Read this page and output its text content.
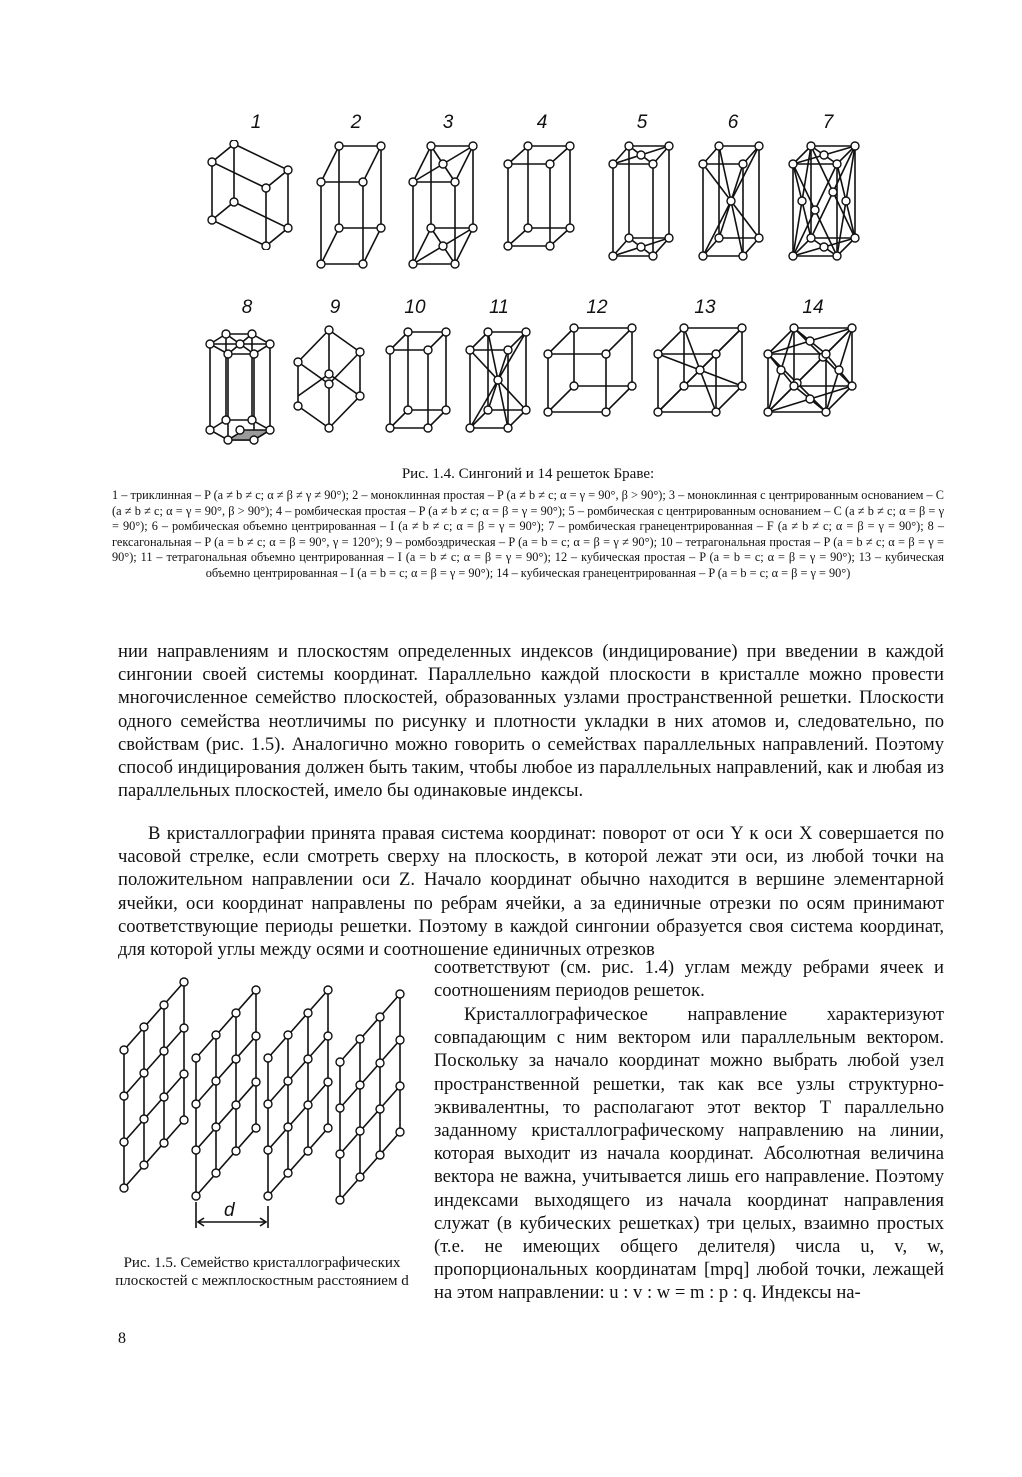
1	2	3	4	5	6	7
8	9	10	11	12	13	14
Рис. 1.4. Сингоний и 14 решеток Браве:
1 – триклинная – P (a ≠ b ≠ c; α ≠ β ≠ γ ≠ 90°); 2 – моноклинная простая – P (a ≠ b ≠ c; α = γ = 90°, β > 90°); 3 – моноклинная с центрированным основанием – C (a ≠ b ≠ c; α = γ = 90°, β > 90°); 4 – ромбическая простая – P (a ≠ b ≠ c; α = β = γ = 90°); 5 – ромбическая с центрированным основанием – C (a ≠ b ≠ c; α = β = γ = 90°); 6 – ромбическая объемно центрированная – I (a ≠ b ≠ c; α = β = γ = 90°); 7 – ромбическая гранецентрированная – F (a ≠ b ≠ c; α = β = γ = 90°); 8 – гексагональная – P (a = b ≠ c; α = β = 90°, γ = 120°); 9 – ромбоэдрическая – P (a = b = c; α = β = γ ≠ 90°); 10 – тетрагональная простая – P (a = b ≠ c; α = β = γ = 90°); 11 – тетрагональная объемно центрированная – I (a = b ≠ c; α = β = γ = 90°); 12 – кубическая простая – P (a = b = c; α = β = γ = 90°); 13 – кубическая объемно центрированная – I (a = b = c; α = β = γ = 90°); 14 – кубическая гранецентрированная – P (a = b = c; α = β = γ = 90°)
нии направлениям и плоскостям определенных индексов (индицирование) при введении в каждой сингонии своей системы координат. Параллельно каждой плоскости в кристалле можно провести многочисленное семейство плоскостей, образованных узлами пространственной решетки. Плоскости одного семейства неотличимы по рисунку и плотности укладки в них атомов и, следовательно, по свойствам (рис. 1.5). Аналогично можно говорить о семействах параллельных направлений. Поэтому способ индицирования должен быть таким, чтобы любое из параллельных направлений, как и любая из параллельных плоскостей, имело бы одинаковые индексы.
В кристаллографии принята правая система координат: поворот от оси Y к оси X совершается по часовой стрелке, если смотреть сверху на плоскость, в которой лежат эти оси, из любой точки на положительном направлении оси Z. Начало координат обычно находится в вершине элементарной ячейки, оси координат направлены по ребрам ячейки, а за единичные отрезки по осям принимают соответствующие периоды решетки. Поэтому в каждой сингонии образуется своя система координат, для которой углы между осями и соотношение единичных отрезков
соответствуют (см. рис. 1.4) углам между ребрами ячеек и соотношениям периодов решеток.
Кристаллографическое направление характеризуют совпадающим с ним вектором или параллельным вектором. Поскольку за начало координат можно выбрать любой узел пространственной решетки, так как все узлы структурно-эквивалентны, то располагают этот вектор T параллельно заданному кристаллографическому направлению на линии, которая выходит из начала координат. Абсолютная величина вектора не важна, учитывается лишь его направление. Поэтому индексами выходящего из начала координат направления служат (в кубических решетках) три целых, взаимно простых (т.е. не имеющих общего делителя) числа u, v, w, пропорциональных координатам [mpq] любой точки, лежащей на этом направлении: u : v : w = m : p : q. Индексы на-
d
Рис. 1.5. Семейство кристаллографических плоскостей с межплоскостным расстоянием d
8
